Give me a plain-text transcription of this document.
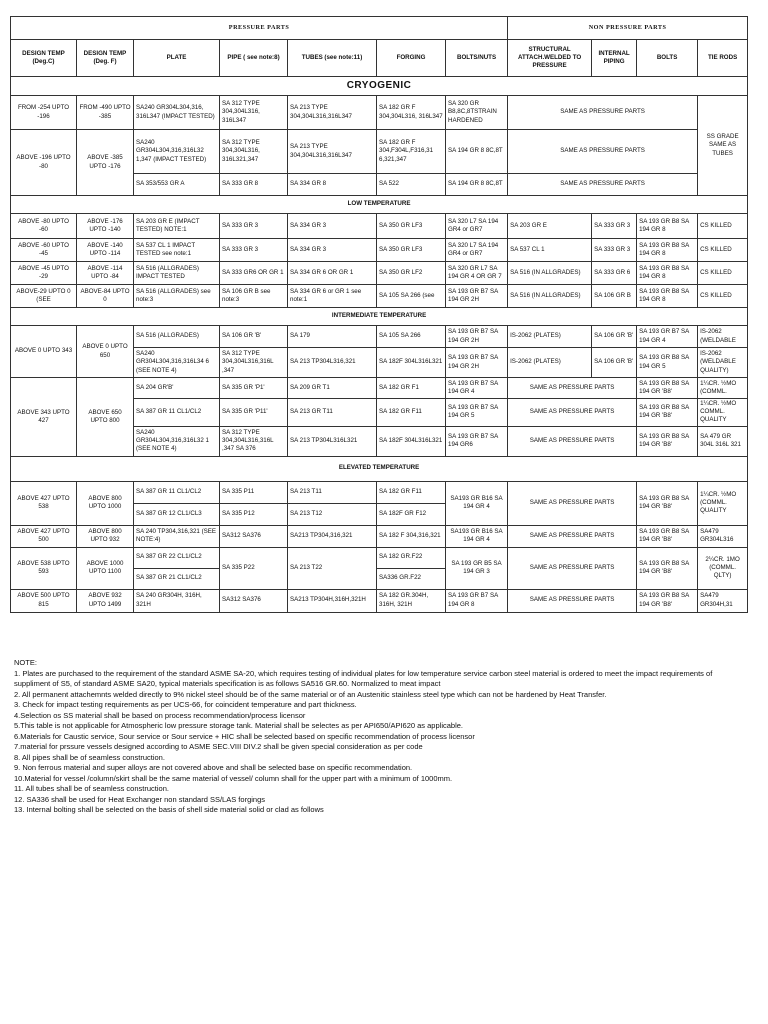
PRESSURE PARTS							NON PRESSURE PARTS			
DESIGN TEMP (Deg.C)	DESIGN TEMP (Deg. F)	PLATE	PIPE ( see note:8)	TUBES (see note:11)	FORGING	BOLTS/NUTS	STRUCTURAL ATTACH.WELDED TO PRESSURE	INTERNAL PIPING	BOLTS	TIE RODS
CRYOGENIC										
FROM -254 UPTO -196	FROM -490 UPTO -385	SA240 GR304L304,316, 316L347 (IMPACT TESTED)	SA 312 TYPE 304,304L316, 316L347	SA 213 TYPE 304,304L316,316L347	SA 182 GR F 304,304L316, 316L347	SA 320 GR B8,8C,8TSTRAIN HARDENED	SAME AS PRESSURE PARTS			SS GRADE SAME AS TUBES
ABOVE -196 UPTO -80	ABOVE -385 UPTO -176	SA240 GR304L304,316,316L32 1,347 (IMPACT TESTED)	SA 312 TYPE 304,304L316, 316L321,347	SA 213 TYPE 304,304L316,316L347	SA 182 GR F 304,F304L,F316,31 6,321,347	SA 194 GR 8 8C,8T	SAME AS PRESSURE PARTS			
		SA 353/553 GR A	SA 333 GR 8	SA 334 GR 8	SA 522	SA 194 GR 8 8C,8T	SAME AS PRESSURE PARTS			
LOW TEMPERATURE										
ABOVE -80 UPTO -60	ABOVE -176 UPTO -140	SA 203 GR E (IMPACT TESTED) NOTE:1	SA 333 GR 3	SA 334 GR 3	SA 350 GR LF3	SA 320 L7 SA 194 GR4 or GR7	SA 203 GR E	SA 333 GR 3	SA 193 GR B8 SA 194 GR 8	CS KILLED
ABOVE -60 UPTO -45	ABOVE -140 UPTO -114	SA 537 CL 1 IMPACT TESTED see note:1	SA 333 GR 3	SA 334 GR 3	SA 350 GR LF3	SA 320 L7 SA 194 GR4 or GR7	SA 537 CL 1	SA 333 GR 3	SA 193 GR B8 SA 194 GR 8	CS KILLED
ABOVE -45 UPTO -29	ABOVE -114 UPTO -84	SA 516 (ALLGRADES) IMPACT TESTED	SA 333 GR6 OR GR 1	SA 334 GR 6 OR GR 1	SA 350 GR LF2	SA 320 GR L7 SA 194 GR 4 OR GR 7	SA 516 (IN ALLGRADES)	SA 333 GR 6	SA 193 GR B8 SA 194 GR 8	CS KILLED
ABOVE-29 UPTO 0 (SEE	ABOVE-84 UPTO 0	SA 516 (ALLGRADES) see note:3	SA 106 GR B see note:3	SA 334 GR 6 or GR 1 see note:1	SA 105 SA 266 (see	SA 193 GR B7 SA 194 GR 2H	SA 516 (IN ALLGRADES)	SA 106 GR B	SA 193 GR B8 SA 194 GR 8	CS KILLED
INTERMEDIATE TEMPERATURE										
ABOVE 0 UPTO 343	ABOVE 0 UPTO 650	SA 516 (ALLGRADES)	SA 106 GR 'B'	SA 179	SA 105 SA 266	SA 193 GR B7 SA 194 GR 2H	IS-2062 (PLATES)	SA 106 GR 'B'	SA 193 GR B7 SA 194 GR 4	IS-2062 (WELDABLE
		SA240 GR304L304,316,316L34 6 (SEE NOTE 4)	SA 312 TYPE 304,304L316,316L ,347	SA 213 TP304L316,321	SA 182F 304L316L321	SA 193 GR B7 SA 194 GR 2H	IS-2062 (PLATES)	SA 106 GR 'B'	SA 193 GR B8 SA 194 GR 5	IS-2062 (WELDABLE QUALITY)
ABOVE 343 UPTO 427	ABOVE 650 UPTO 800	SA 204 GR'B'	SA 335 GR 'P1'	SA 209 GR T1	SA 182 GR F1	SA 193 GR B7 SA 194 GR 4	SAME AS PRESSURE PARTS		SA 193 GR B8 SA 194 GR 'B8'	1¼CR. ½MO (COMML.
		SA 387 GR 11 CL1/CL2	SA 335 GR 'P11'	SA 213 GR T11	SA 182 GR F11	SA 193 GR B7 SA 194 GR 5	SAME AS PRESSURE PARTS		SA 193 GR B8 SA 194 GR 'B8'	1¼CR. ½MO COMML. QUALITY
		SA240 GR304L304,316,316L32 1 (SEE NOTE 4)	SA 312 TYPE 304,304L316,316L ,347 SA 376	SA 213 TP304L316L321	SA 182F 304L316L321	SA 193 GR B7 SA 194 GR6	SAME AS PRESSURE PARTS		SA 193 GR B8 SA 194 GR 'B8'	SA 479 GR 304L 316L 321
ELEVATED TEMPERATURE										
ABOVE 427 UPTO 538	ABOVE 800 UPTO 1000	SA 387 GR 11 CL1/CL2	SA 335 P11	SA 213 T11	SA 182 GR F11	SA193 GR B16 SA 194 GR 4	SAME AS PRESSURE PARTS		SA 193 GR B8 SA 194 GR 'B8'	1¼CR. ½MO (COMML. QUALITY
		SA 387 GR 12 CL1/CL3	SA 335 P12	SA 213 T12	SA 182F GR F12					
ABOVE 427 UPTO 500	ABOVE 800 UPTO 932	SA 240 TP304,316,321 (SEE NOTE:4)	SA312 SA376	SA213 TP304,316,321	SA 182 F 304,316,321	SA193 GR B16 SA 194 GR 4	SAME AS PRESSURE PARTS		SA 193 GR B8 SA 194 GR 'B8'	SA479 GR304L316
ABOVE 538 UPTO 593	ABOVE 1000 UPTO 1100	SA 387 GR 22 CL1/CL2	SA 335 P22	SA 213 T22	SA 182 GR.F22	SA 193 GR B5 SA 194 GR 3	SAME AS PRESSURE PARTS		SA 193 GR B8 SA 194 GR 'B8'	2¼CR. 1MO (COMML. QLTY)
		SA 387 GR 21 CL1/CL2			SA336 GR.F22					
ABOVE 500 UPTO 815	ABOVE 932 UPTO 1499	SA 240 GR304H, 316H, 321H	SA312 SA376	SA213 TP304H,316H,321H	SA 182 GR.304H, 316H, 321H	SA 193 GR B7 SA 194 GR 8	SAME AS PRESSURE PARTS		SA 193 GR B8 SA 194 GR 'B8'	SA479 GR304H,31
NOTE:
1. Plates are purchased to the requirement of the standard ASME SA-20, which requires testing of individual plates for low temperature service carbon steel material is ordered to meet the impact requirements of suppliment of S5, of standard ASME SA20, typical materials specification is as follows SA516 GR.60. Normalized to meat impact
2. All permanent attachemnts welded directly to 9% nickel steel should be of the same material or of an Austenitic stainless steel type which can not be hardened by Heat Transfer.
3. Check for impact testing requirements as per UCS-66, for coincident temperature and part thickness.
4.Selection os SS material shall be based on process recommendation/process licensor
5.This table is not applicable for Atmospheric low pressure storage tank. Material shall be selectes as per API650/API620 as applicable.
6.Materials for Caustic service, Sour service or Sour service + HIC shall be selected based on specific recommendation of process licensor
7.material for prssure vessels designed according to ASME SEC.VIII DIV.2 shall be given special consideration as per code
8. All pipes shall be of seamless construction.
9. Non ferrous material and super alloys are not covered above and shall be selected base on specific recommendation.
10.Material for vessel /column/skirt shall be the same material of vessel/ column shall for the upper part with a minimum of 1000mm.
11. All tubes shall be of seamless construction.
12. SA336 shall be used for Heat Exchanger non standard SS/LAS forgings
13. Internal bolting shall be selected on the basis of shell side material solid or clad as follows
